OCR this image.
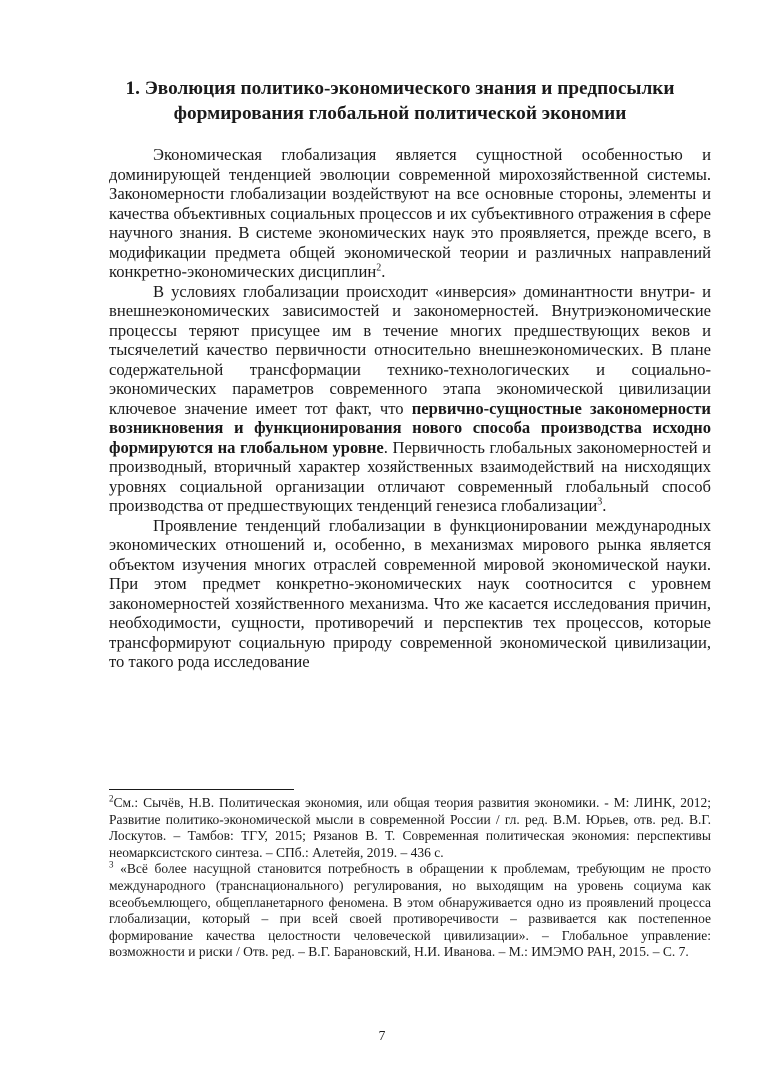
1. Эволюция политико-экономического знания и предпосылки
формирования глобальной политической экономии

Экономическая глобализация является сущностной особенностью и доминирующей тенденцией эволюции современной мирохозяйственной системы. Закономерности глобализации воздействуют на все основные стороны, элементы и качества объективных социальных процессов и их субъективного отражения в сфере научного знания. В системе экономических наук это проявляется, прежде всего, в модификации предмета общей экономической теории и различных направлений конкретно-экономических дисциплин$^2$.

В условиях глобализации происходит «инверсия» доминантности внутри- и внешнеэкономических зависимостей и закономерностей. Внутриэкономические процессы теряют присущее им в течение многих предшествующих веков и тысячелетий качество первичности относительно внешнеэкономических. В плане содержательной трансформации технико-технологических и социально-экономических параметров современного этапа экономической цивилизации ключевое значение имеет тот факт, что первично-сущностные закономерности возникновения и функционирования нового способа производства исходно формируются на глобальном уровне. Первичность глобальных закономерностей и производный, вторичный характер хозяйственных взаимодействий на нисходящих уровнях социальной организации отличают современный глобальный способ производства от предшествующих тенденций генезиса глобализации$^3$.

Проявление тенденций глобализации в функционировании международных экономических отношений и, особенно, в механизмах мирового рынка является объектом изучения многих отраслей современной мировой экономической науки. При этом предмет конкретно-экономических наук соотносится с уровнем закономерностей хозяйственного механизма. Что же касается исследования причин, необходимости, сущности, противоречий и перспектив тех процессов, которые трансформируют социальную природу современной экономической цивилизации, то такого рода исследование

$^2$См.: Сычёв, Н.В. Политическая экономия, или общая теория развития экономики. - М: ЛИНК, 2012; Развитие политико-экономической мысли в современной России / гл. ред. В.М. Юрьев, отв. ред. В.Г. Лоскутов. – Тамбов: ТГУ, 2015; Рязанов В. Т. Современная политическая экономия: перспективы неомарксистского синтеза. – СПб.: Алетейя, 2019. – 436 с.

$^3$ «Всё более насущной становится потребность в обращении к проблемам, требующим не просто международного (транснационального) регулирования, но выходящим на уровень социума как всеобъемлющего, общепланетарного феномена. В этом обнаруживается одно из проявлений процесса глобализации, который – при всей своей противоречивости – развивается как постепенное формирование качества целостности человеческой цивилизации». – Глобальное управление: возможности и риски / Отв. ред. – В.Г. Барановский, Н.И. Иванова. – М.: ИМЭМО РАН, 2015. – С. 7.

7
